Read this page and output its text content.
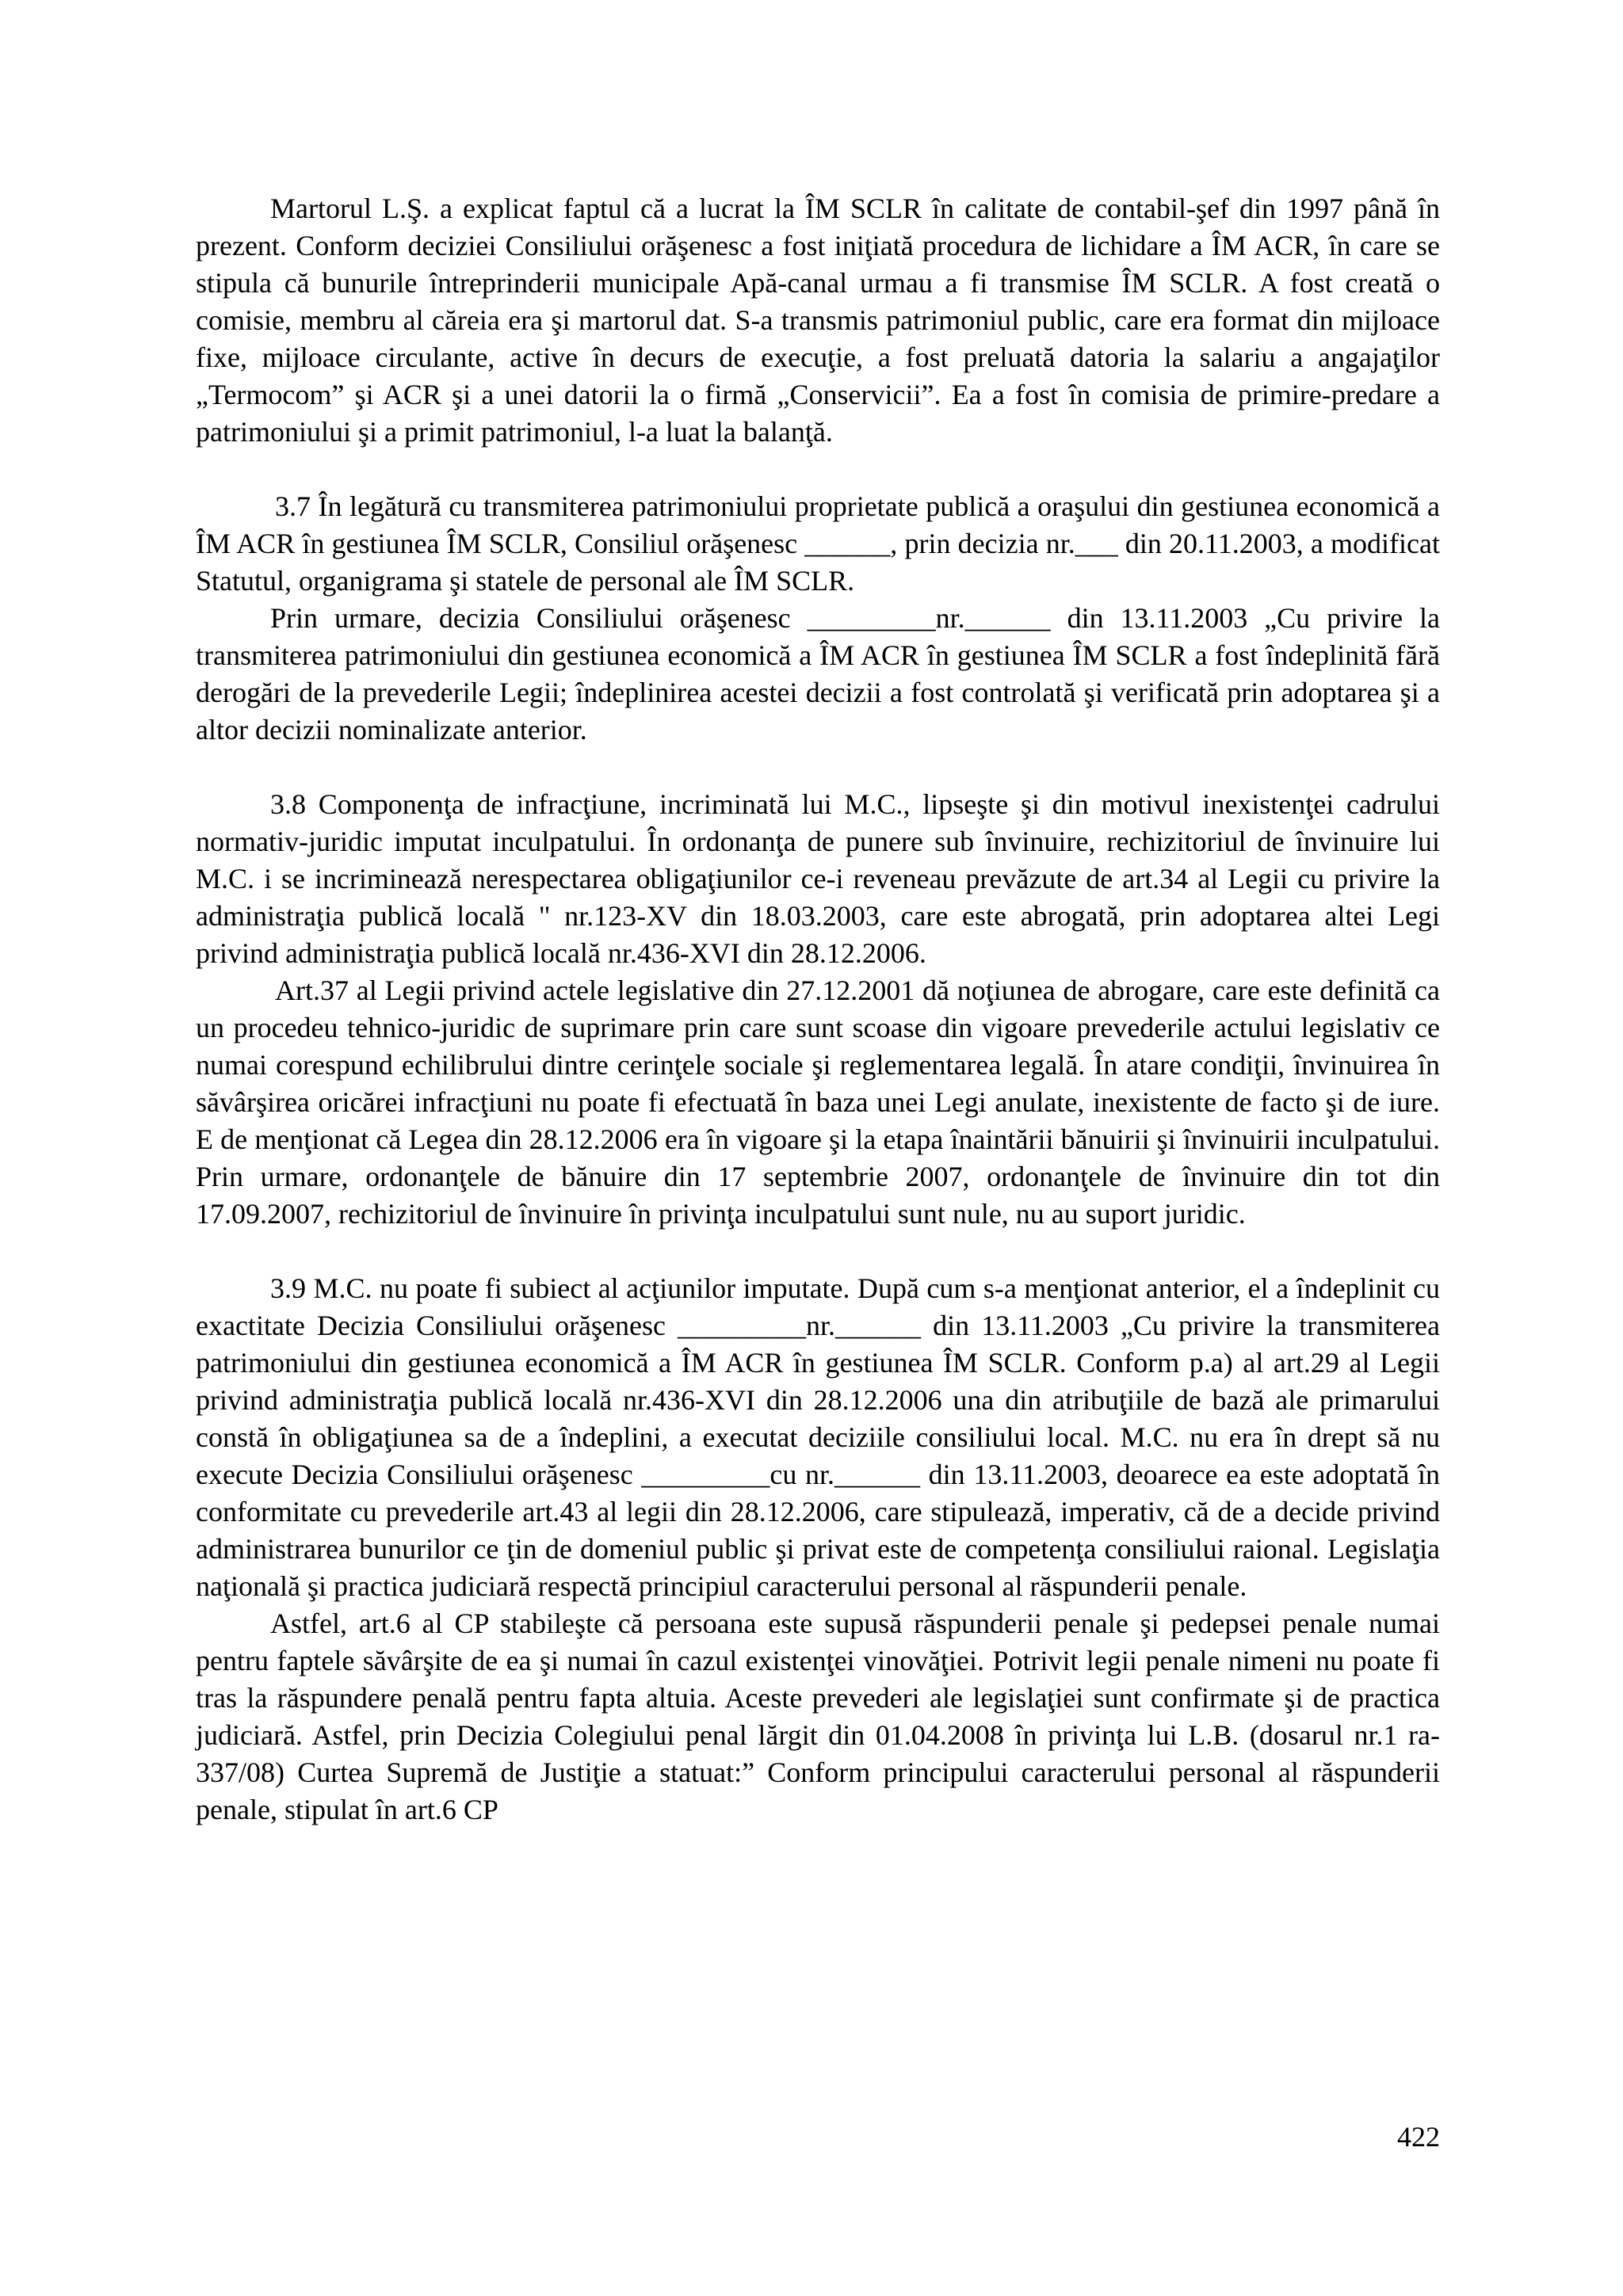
Martorul L.Ş. a explicat faptul că a lucrat la ÎM SCLR în calitate de contabil-şef din 1997 până în prezent. Conform deciziei Consiliului orăşenesc a fost iniţiată procedura de lichidare a ÎM ACR, în care se stipula că bunurile întreprinderii municipale Apă-canal urmau a fi transmise ÎM SCLR. A fost creată o comisie, membru al căreia era şi martorul dat. S-a transmis patrimoniul public, care era format din mijloace fixe, mijloace circulante, active în decurs de execuţie, a fost preluată datoria la salariu a angajaţilor „Termocom” şi ACR şi a unei datorii la o firmă „Conservicii”. Ea a fost în comisia de primire-predare a patrimoniului şi a primit patrimoniul, l-a luat la balanţă.

3.7 În legătură cu transmiterea patrimoniului proprietate publică a oraşului din gestiunea economică a ÎM ACR în gestiunea ÎM SCLR, Consiliul orăşenesc ______, prin decizia nr.___ din 20.11.2003, a modificat Statutul, organigrama şi statele de personal ale ÎM SCLR.

Prin urmare, decizia Consiliului orăşenesc _________nr.______ din 13.11.2003 „Cu privire la transmiterea patrimoniului din gestiunea economică a ÎM ACR în gestiunea ÎM SCLR a fost îndeplinită fără derogări de la prevederile Legii; îndeplinirea acestei decizii a fost controlată şi verificată prin adoptarea şi a altor decizii nominalizate anterior.

3.8 Componenţa de infracţiune, incriminată lui M.C., lipseşte şi din motivul inexistenţei cadrului normativ-juridic imputat inculpatului. În ordonanţa de punere sub învinuire, rechizitoriul de învinuire lui M.C. i se incriminează nerespectarea obligaţiunilor ce-i reveneau prevăzute de art.34 al Legii cu privire la administraţia publică locală " nr.123-XV din 18.03.2003, care este abrogată, prin adoptarea altei Legi privind administraţia publică locală nr.436-XVI din 28.12.2006.

Art.37 al Legii privind actele legislative din 27.12.2001 dă noţiunea de abrogare, care este definită ca un procedeu tehnico-juridic de suprimare prin care sunt scoase din vigoare prevederile actului legislativ ce numai corespund echilibrului dintre cerinţele sociale şi reglementarea legală. În atare condiţii, învinuirea în săvârşirea oricărei infracţiuni nu poate fi efectuată în baza unei Legi anulate, inexistente de facto şi de iure. E de menţionat că Legea din 28.12.2006 era în vigoare şi la etapa înaintării bănuirii şi învinuirii inculpatului. Prin urmare, ordonanţele de bănuire din 17 septembrie 2007, ordonanţele de învinuire din tot din 17.09.2007, rechizitoriul de învinuire în privinţa inculpatului sunt nule, nu au suport juridic.

3.9 M.C. nu poate fi subiect al acţiunilor imputate. După cum s-a menţionat anterior, el a îndeplinit cu exactitate Decizia Consiliului orăşenesc _________nr.______ din 13.11.2003 „Cu privire la transmiterea patrimoniului din gestiunea economică a ÎM ACR în gestiunea ÎM SCLR. Conform p.a) al art.29 al Legii privind administraţia publică locală nr.436-XVI din 28.12.2006 una din atribuţiile de bază ale primarului constă în obligaţiunea sa de a îndeplini, a executat deciziile consiliului local. M.C. nu era în drept să nu execute Decizia Consiliului orăşenesc _________cu nr.______ din 13.11.2003, deoarece ea este adoptată în conformitate cu prevederile art.43 al legii din 28.12.2006, care stipulează, imperativ, că de a decide privind administrarea bunurilor ce ţin de domeniul public şi privat este de competenţa consiliului raional. Legislaţia naţională şi practica judiciară respectă principiul caracterului personal al răspunderii penale.

Astfel, art.6 al CP stabileşte că persoana este supusă răspunderii penale şi pedepsei penale numai pentru faptele săvârşite de ea şi numai în cazul existenţei vinovăţiei. Potrivit legii penale nimeni nu poate fi tras la răspundere penală pentru fapta altuia. Aceste prevederi ale legislaţiei sunt confirmate şi de practica judiciară. Astfel, prin Decizia Colegiului penal lărgit din 01.04.2008 în privinţa lui L.B. (dosarul nr.1 ra-337/08) Curtea Supremă de Justiţie a statuat:” Conform principului caracterului personal al răspunderii penale, stipulat în art.6 CP

422
